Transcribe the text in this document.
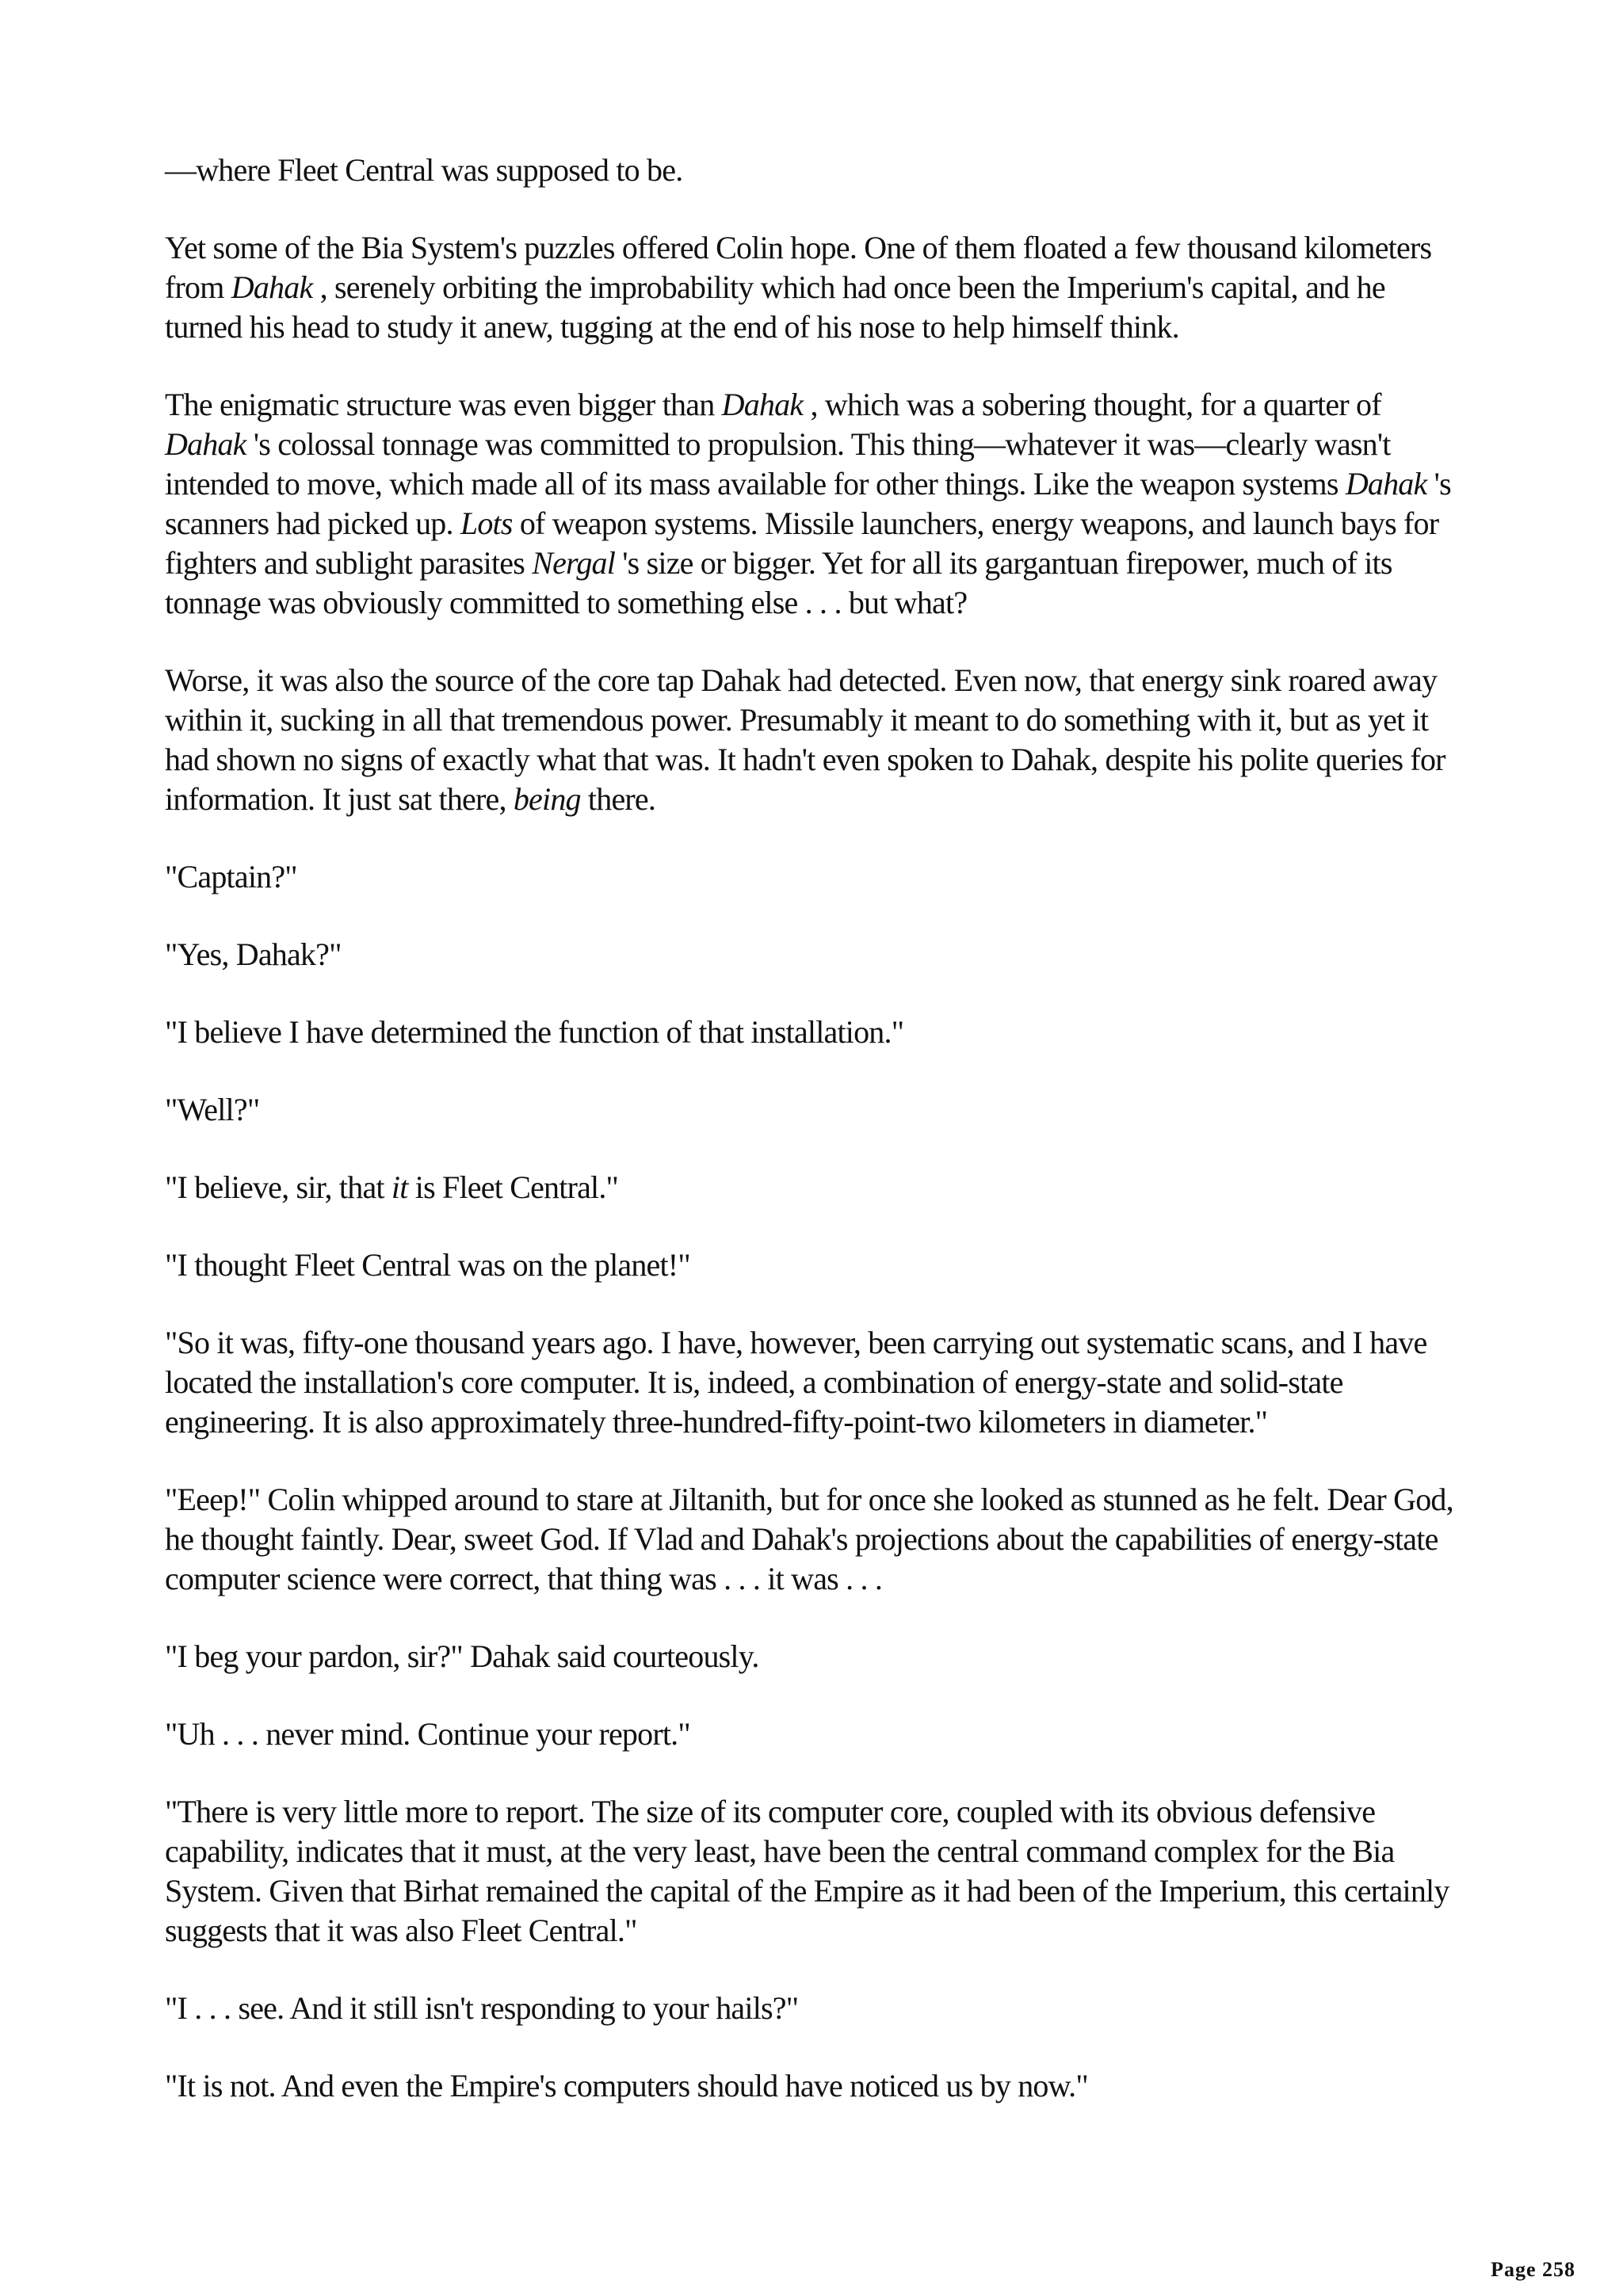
—where Fleet Central was supposed to be.

Yet some of the Bia System's puzzles offered Colin hope. One of them floated a few thousand kilometers from Dahak , serenely orbiting the improbability which had once been the Imperium's capital, and he turned his head to study it anew, tugging at the end of his nose to help himself think.

The enigmatic structure was even bigger than Dahak , which was a sobering thought, for a quarter of Dahak 's colossal tonnage was committed to propulsion. This thing—whatever it was—clearly wasn't intended to move, which made all of its mass available for other things. Like the weapon systems Dahak 's scanners had picked up. Lots of weapon systems. Missile launchers, energy weapons, and launch bays for fighters and sublight parasites Nergal 's size or bigger. Yet for all its gargantuan firepower, much of its tonnage was obviously committed to something else . . . but what?

Worse, it was also the source of the core tap Dahak had detected. Even now, that energy sink roared away within it, sucking in all that tremendous power. Presumably it meant to do something with it, but as yet it had shown no signs of exactly what that was. It hadn't even spoken to Dahak, despite his polite queries for information. It just sat there, being there.

"Captain?"

"Yes, Dahak?"

"I believe I have determined the function of that installation."

"Well?"

"I believe, sir, that it is Fleet Central."

"I thought Fleet Central was on the planet!"

"So it was, fifty-one thousand years ago. I have, however, been carrying out systematic scans, and I have located the installation's core computer. It is, indeed, a combination of energy-state and solid-state engineering. It is also approximately three-hundred-fifty-point-two kilometers in diameter."

"Eeep!" Colin whipped around to stare at Jiltanith, but for once she looked as stunned as he felt. Dear God, he thought faintly. Dear, sweet God. If Vlad and Dahak's projections about the capabilities of energy-state computer science were correct, that thing was . . . it was . . .

"I beg your pardon, sir?" Dahak said courteously.

"Uh . . . never mind. Continue your report."

"There is very little more to report. The size of its computer core, coupled with its obvious defensive capability, indicates that it must, at the very least, have been the central command complex for the Bia System. Given that Birhat remained the capital of the Empire as it had been of the Imperium, this certainly suggests that it was also Fleet Central."

"I . . . see. And it still isn't responding to your hails?"

"It is not. And even the Empire's computers should have noticed us by now."

Page 258
